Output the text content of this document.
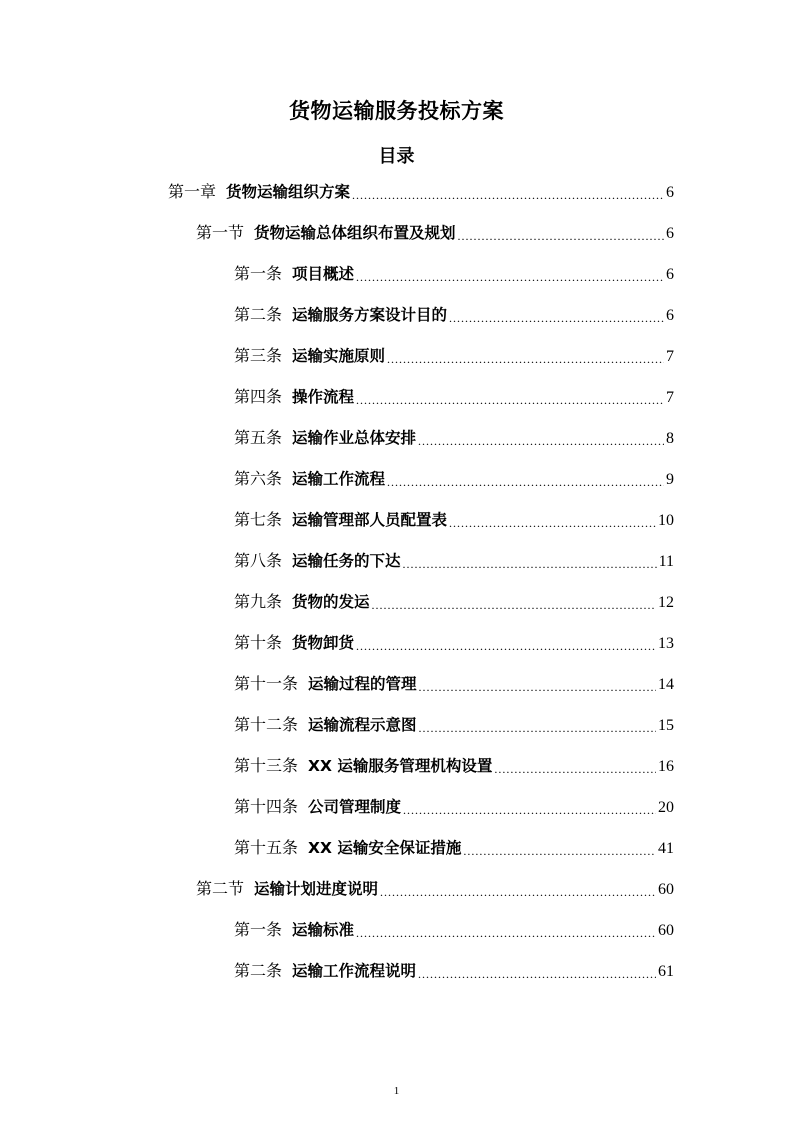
货物运输服务投标方案
目录
第一章 货物运输组织方案 .....	6
第一节 货物运输总体组织布置及规划 .....	6
第一条 项目概述 .....	6
第二条 运输服务方案设计目的 .....	6
第三条 运输实施原则 .....	7
第四条 操作流程 .....	7
第五条 运输作业总体安排 .....	8
第六条 运输工作流程 .....	9
第七条 运输管理部人员配置表 .....	10
第八条 运输任务的下达 .....	11
第九条 货物的发运 .....	12
第十条 货物卸货 .....	13
第十一条 运输过程的管理 .....	14
第十二条 运输流程示意图 .....	15
第十三条 XX 运输服务管理机构设置 .....	16
第十四条 公司管理制度 .....	20
第十五条 XX 运输安全保证措施 .....	41
第二节 运输计划进度说明 .....	60
第一条 运输标准 .....	60
第二条 运输工作流程说明 .....	61
1
